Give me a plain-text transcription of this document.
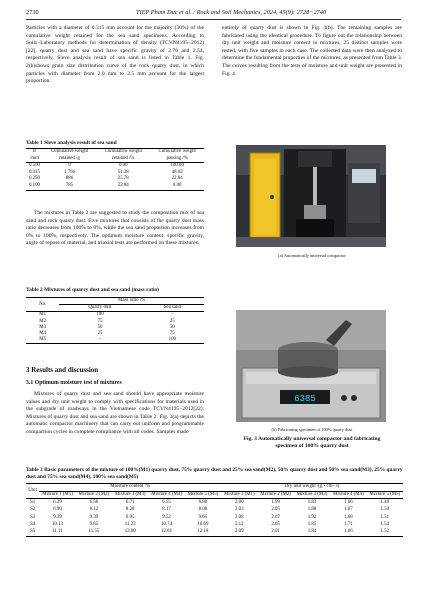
2730	TIEP Pham Duc et al. / Rock and Soil Mechanics, 2024, 45(9): 2728−2740

Particles with a diameter of 0.315 mm account for the majority (30%) of the cumulative weight retained for the sea sand specimens. According to Soils−Laboratory methods for determination of density (TCVN4195−2012)[22], quarry dust and sea sand have specific gravity of 2.76 and 2.54, respectively. Sieve analysis result of sea sand is listed in Table 1. Fig. 2(b)shows grain size distribution curve of the rock quarry dust, in which particles with diameter from 2.0 mm to 2.5 mm account for the largest proportion.

Table 1 Sieve analysis result of sea sand
D /mm	Cumulative weight retained /g	Cumulative weight retained /%	Cumulative weight passing /%
0.500	0	0.00	100.00
0.315	1 766	51.38	48.62
0.250	886	25.78	22.84
0.100	785	22.84	0.00

The mixtures in Table 2 are suggested to study the composition mix of sea sand and rock quarry dust. Five mixtures that consists of the quarry dust mass ratio decreases from 100% to 0%, while the sea sand proportion increases from 0% to 100%, respectively. The optimum moisture content, specific gravity, angle of repose of material, and triaxial tests are performed on these mixtures.

Table 2 Mixtures of quarry dust and sea sand (mass ratio)
No.	Mass ratio /%	
	Quarry dust	Sea sand
M1	100	−
M2	75	25
M3	50	50
M4	25	75
M5	−	100
3 Results and discussion
3.1 Optimum moisture test of mixtures

Mixtures of quarry dust and sea sand should have appropriate moisture values and dry unit weight to comply with specifications for materials used in the subgrade of roadways in the Vietnamese code TCVN4195−2012[22]. Mixtures of quarry dust and sea sand are shown in Table 2. Fig. 3(a) depicts the automatic compactor machinery that can carry out uniform and programmable compaction cycles in complete compliance with all codes. Samples made

entirely of quarry dust is shown in Fig. 3(b). The remaining samples are fabricated using the identical procedure. To figure out the relationship between dry unit weight and moisture content in mixtures, 25 distinct samples were tested, with five samples in each case. The collected data were then analyzed to determine the fundamental properties of the mixtures, as presented from Table 3. The curves resulting from the tests of moisture and unit weight are presented in Fig. 4.

(a) Automatically universal compactor
6385
(b) Fabricating specimen of 100% quarry dust
Fig. 3 Automatically universal compactor and fabricating specimen of 100% quarry dust
Table 3 Basic parameters of the mixture of 100%(M1) quarry dust, 75% quarry dust and 25% sea sand(M2), 50% quarry dust and 50% sea sand(M3), 25% quarry dust and 75% sea sand(M4), 100% sea sand(M5)
Unit	Moisture content /%					Dry unit weight /(g • cm−3)				
	Mixture 1 (M1)	Mixture 2 (M2)	Mixture 3 (M3)	Mixture 4 (M4)	Mixture 5 (M5)	Mixture 1 (M1)	Mixture 2 (M2)	Mixture 3 (M3)	Mixture 4 (M4)	Mixture 5 (M5)
S1	6.29	6.58	6.71	6.55	6.80	2.00	1.99	1.83	1.66	1.49
S2	6.90	8.12	8.28	8.17	8.08	2.03	2.05	1.88	1.67	1.50
S3	9.39	9.39	9.95	9.52	9.65	2.08	2.07	1.92	1.68	1.51
S4	10.13	9.85	11.23	10.74	10.69	2.12	2.05	1.85	1.71	1.54
S5	11.11	11.55	13.00	12.81	12.18	2.09	2.01	1.84	1.66	1.52
